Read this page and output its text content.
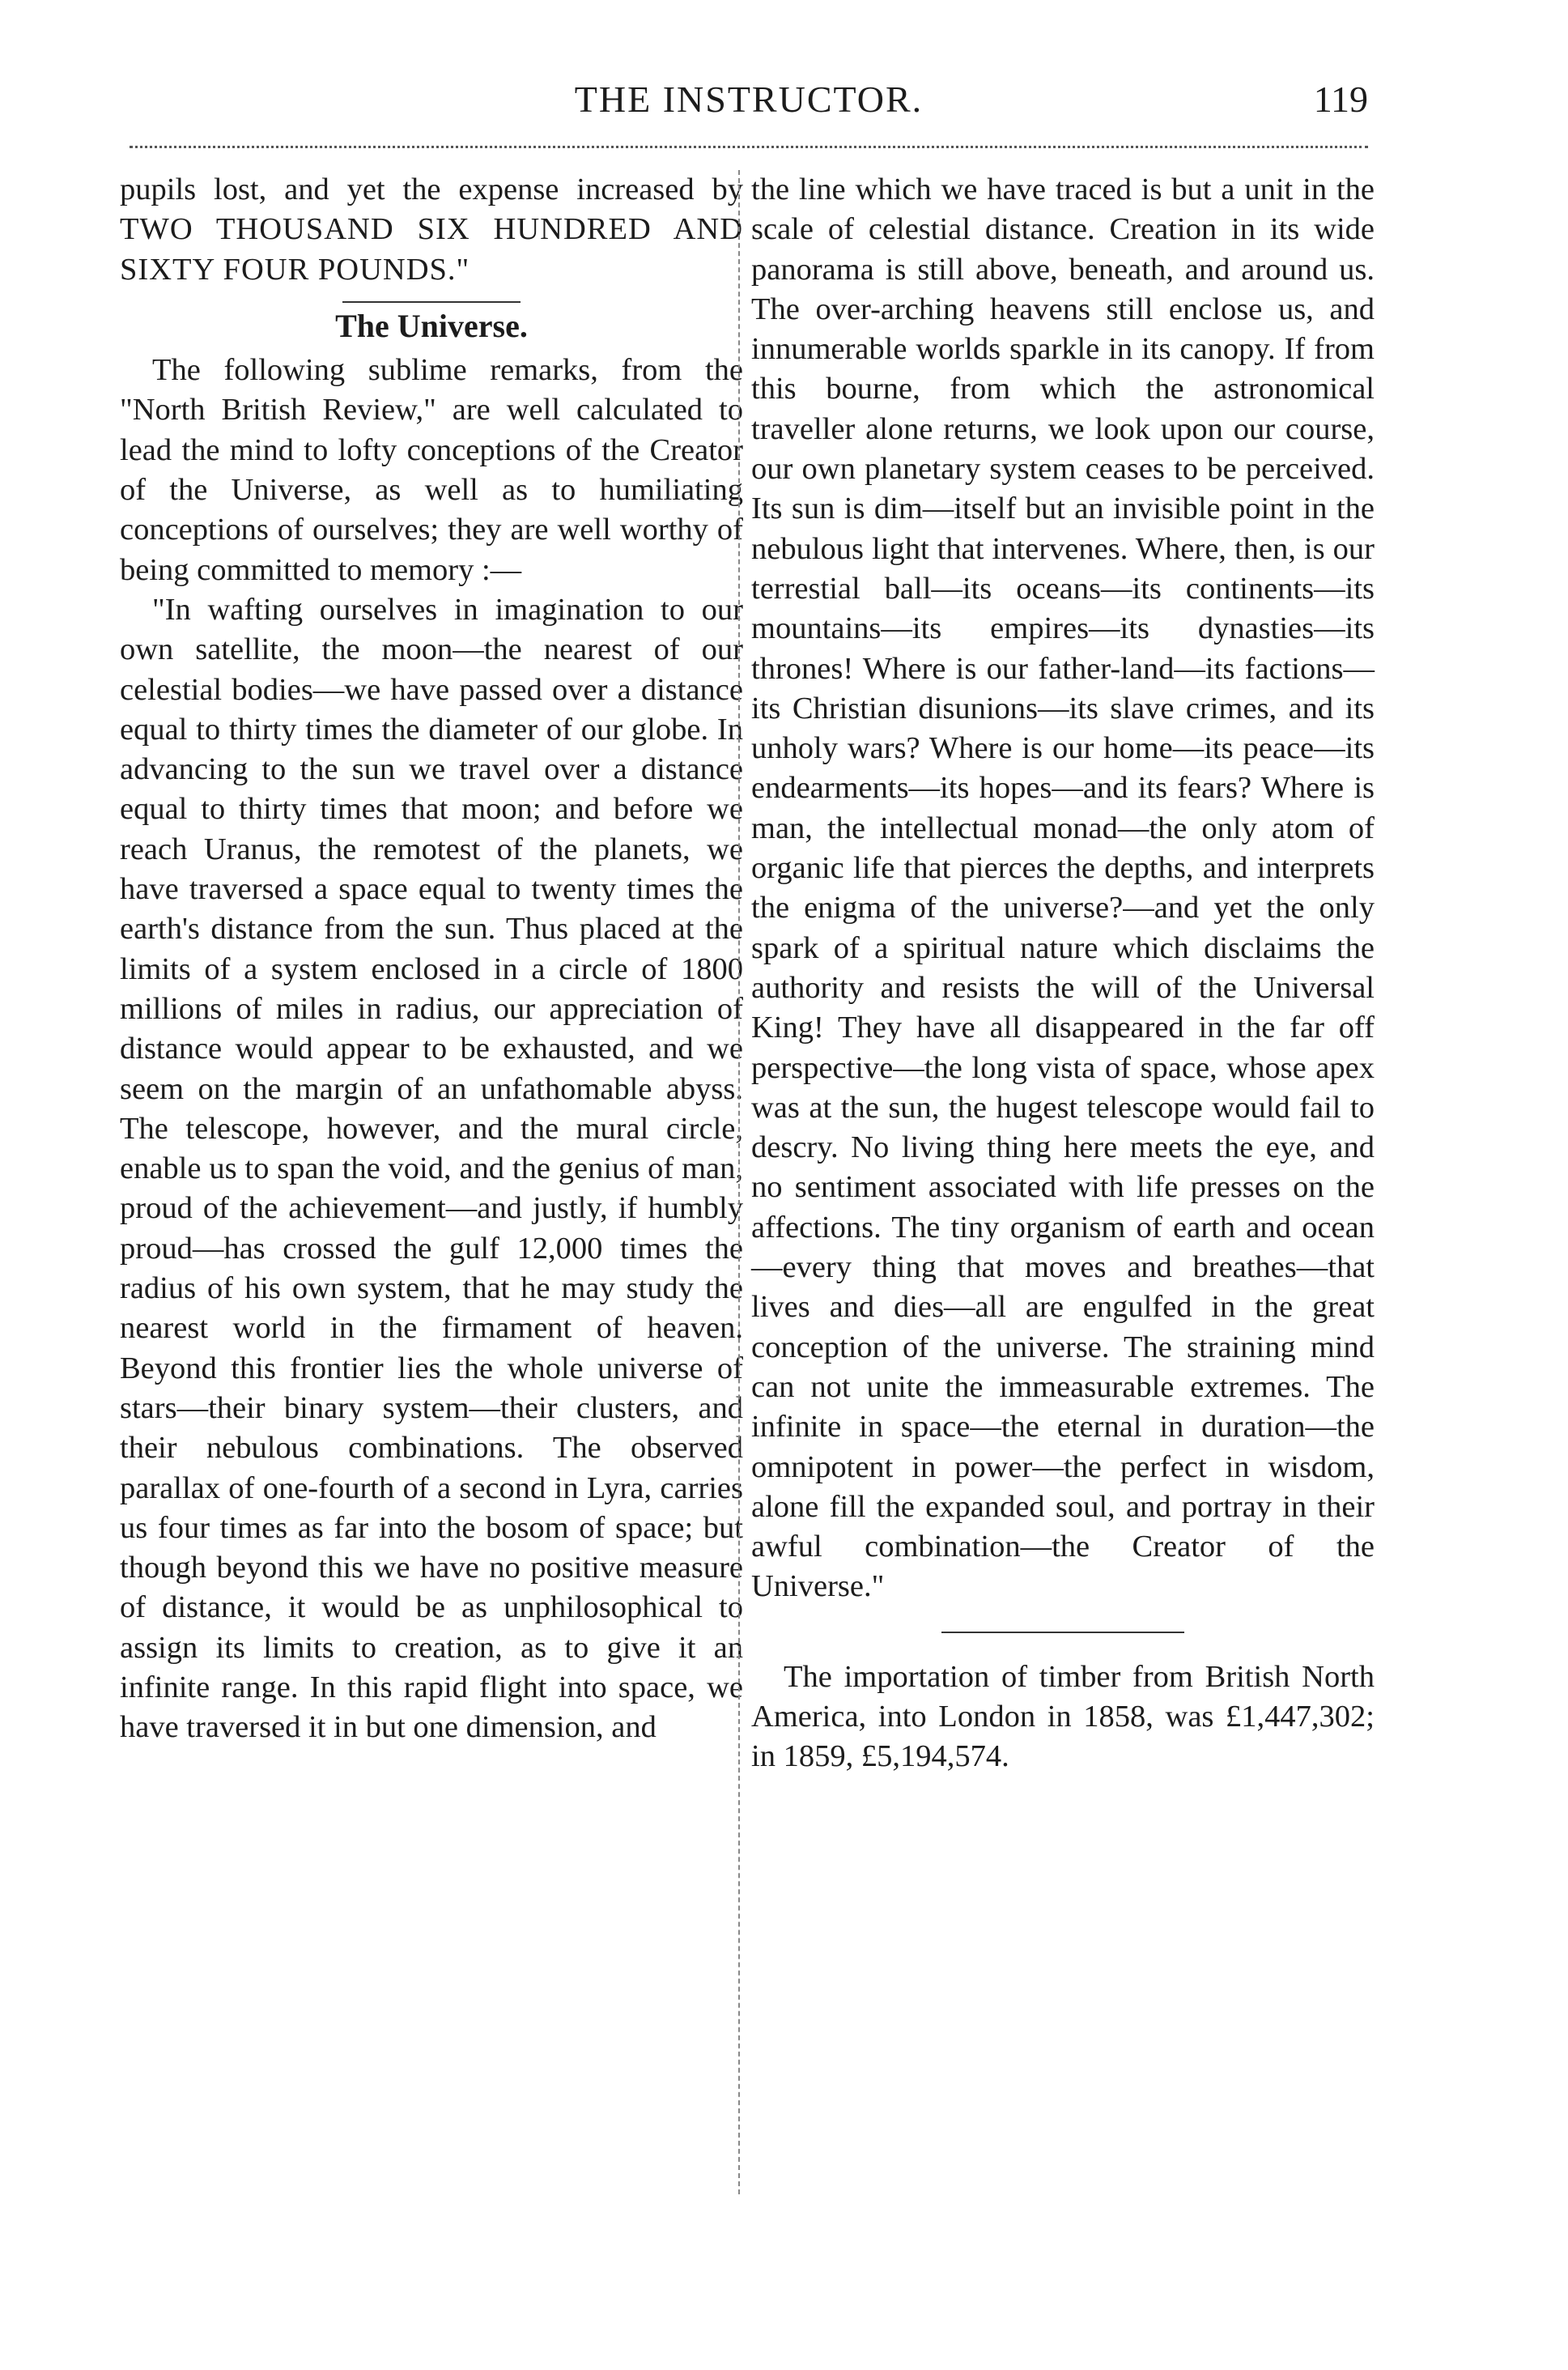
THE INSTRUCTOR.	119

pupils lost, and yet the expense increased by TWO THOUSAND SIX HUNDRED AND SIXTY FOUR POUNDS."

The Universe.

The following sublime remarks, from the "North British Review," are well calculated to lead the mind to lofty conceptions of the Creator of the Universe, as well as to humiliating conceptions of ourselves; they are well worthy of being committed to memory :—

"In wafting ourselves in imagination to our own satellite, the moon—the nearest of our celestial bodies—we have passed over a distance equal to thirty times the diameter of our globe. In advancing to the sun we travel over a distance equal to thirty times that moon; and before we reach Uranus, the remotest of the planets, we have traversed a space equal to twenty times the earth's distance from the sun. Thus placed at the limits of a system enclosed in a circle of 1800 millions of miles in radius, our appreciation of distance would appear to be exhausted, and we seem on the margin of an unfathomable abyss. The telescope, however, and the mural circle, enable us to span the void, and the genius of man, proud of the achievement—and justly, if humbly proud—has crossed the gulf 12,000 times the radius of his own system, that he may study the nearest world in the firmament of heaven. Beyond this frontier lies the whole universe of stars—their binary system—their clusters, and their nebulous combinations. The observed parallax of one-fourth of a second in Lyra, carries us four times as far into the bosom of space; but though beyond this we have no positive measure of distance, it would be as unphilosophical to assign its limits to creation, as to give it an infinite range. In this rapid flight into space, we have traversed it in but one dimension, and

the line which we have traced is but a unit in the scale of celestial distance. Creation in its wide panorama is still above, beneath, and around us. The over-arching heavens still enclose us, and innumerable worlds sparkle in its canopy. If from this bourne, from which the astronomical traveller alone returns, we look upon our course, our own planetary system ceases to be perceived. Its sun is dim—itself but an invisible point in the nebulous light that intervenes. Where, then, is our terrestial ball—its oceans—its continents—its mountains—its empires—its dynasties—its thrones! Where is our father-land—its factions—its Christian disunions—its slave crimes, and its unholy wars? Where is our home—its peace—its endearments—its hopes—and its fears? Where is man, the intellectual monad—the only atom of organic life that pierces the depths, and interprets the enigma of the universe?—and yet the only spark of a spiritual nature which disclaims the authority and resists the will of the Universal King! They have all disappeared in the far off perspective—the long vista of space, whose apex was at the sun, the hugest telescope would fail to descry. No living thing here meets the eye, and no sentiment associated with life presses on the affections. The tiny organism of earth and ocean—every thing that moves and breathes—that lives and dies—all are engulfed in the great conception of the universe. The straining mind can not unite the immeasurable extremes. The infinite in space—the eternal in duration—the omnipotent in power—the perfect in wisdom, alone fill the expanded soul, and portray in their awful combination—the Creator of the Universe."

The importation of timber from British North America, into London in 1858, was £1,447,302; in 1859, £5,194,574.
